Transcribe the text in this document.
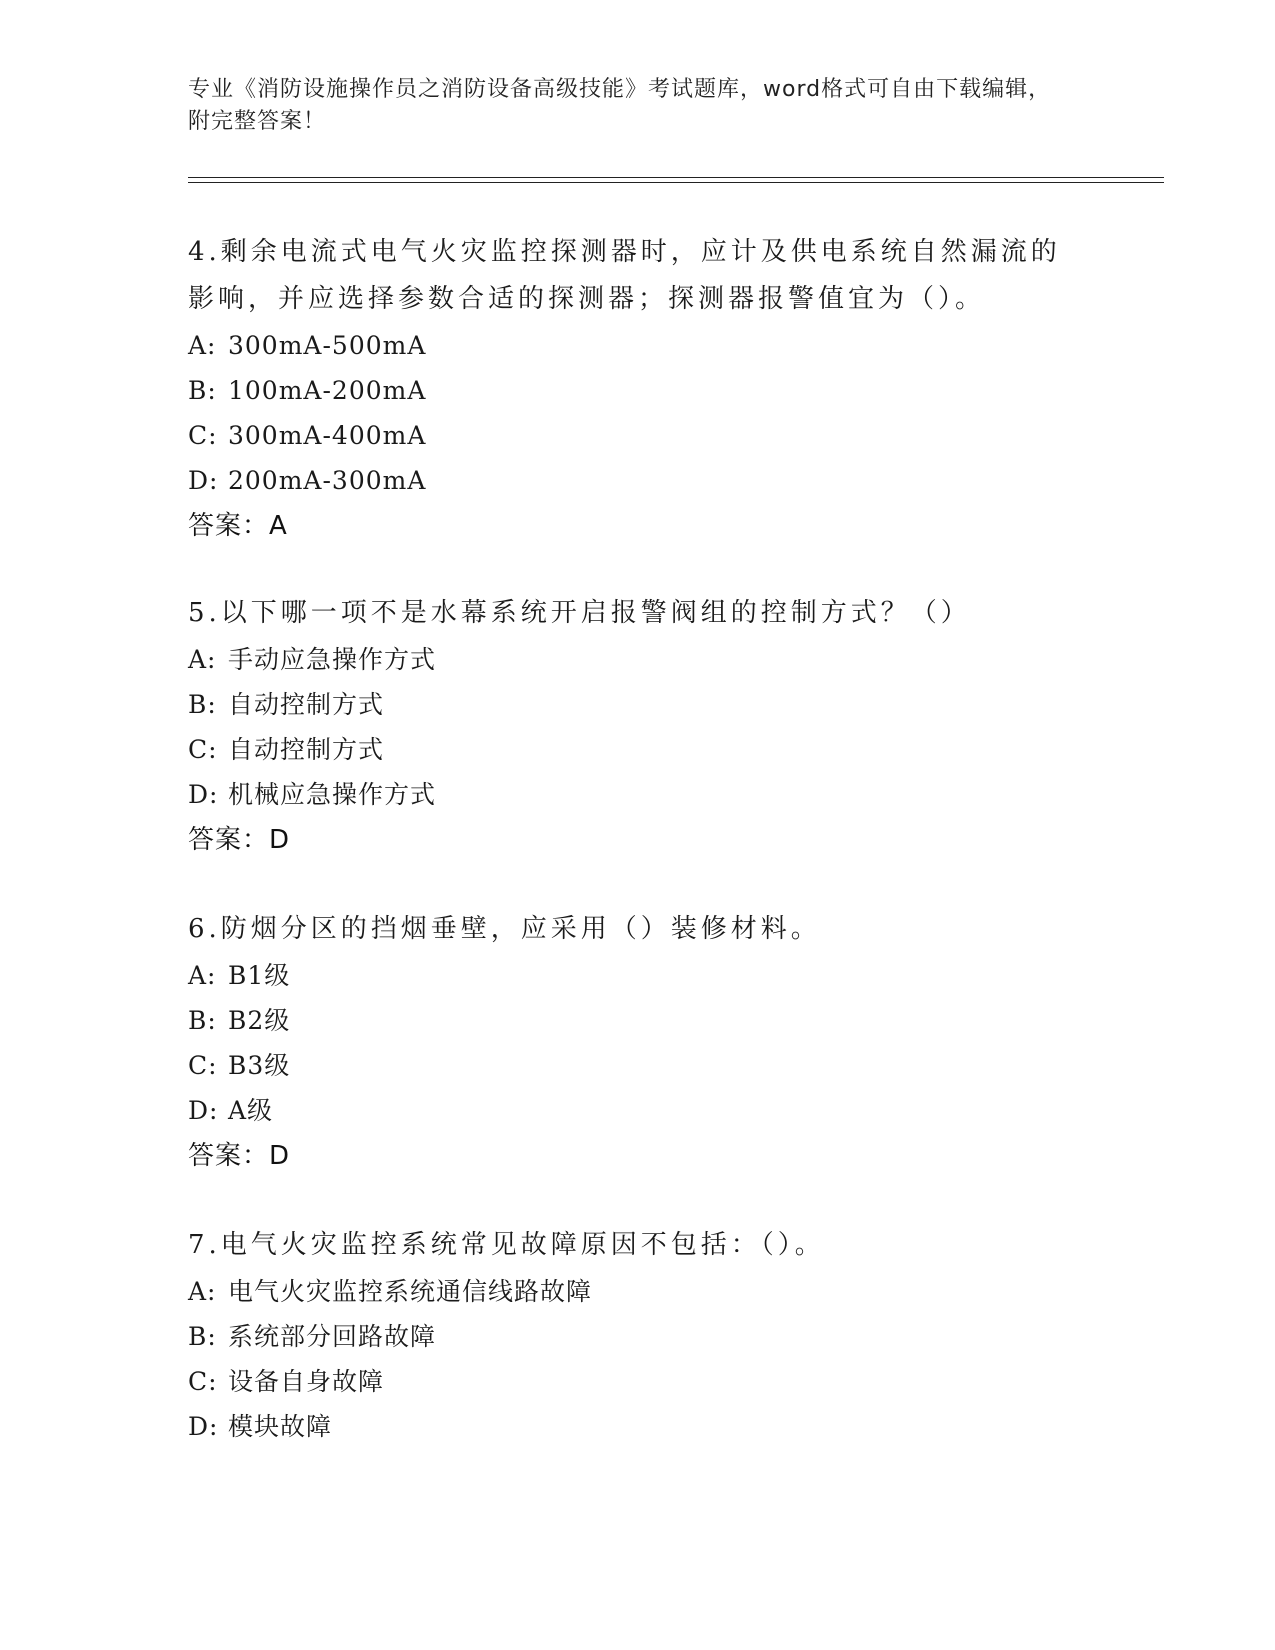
专业《消防设施操作员之消防设备高级技能》考试题库，word格式可自由下载编辑，附完整答案！

4.剩余电流式电气火灾监控探测器时，应计及供电系统自然漏流的影响，并应选择参数合适的探测器；探测器报警值宜为（）。

A: 300mA-500mA
B: 100mA-200mA
C: 300mA-400mA
D: 200mA-300mA
答案：A

5.以下哪一项不是水幕系统开启报警阀组的控制方式？（）

A: 手动应急操作方式
B: 自动控制方式
C: 自动控制方式
D: 机械应急操作方式
答案：D

6.防烟分区的挡烟垂壁，应采用（）装修材料。

A: B1级
B: B2级
C: B3级
D: A级
答案：D

7.电气火灾监控系统常见故障原因不包括：（）。

A: 电气火灾监控系统通信线路故障
B: 系统部分回路故障
C: 设备自身故障
D: 模块故障
